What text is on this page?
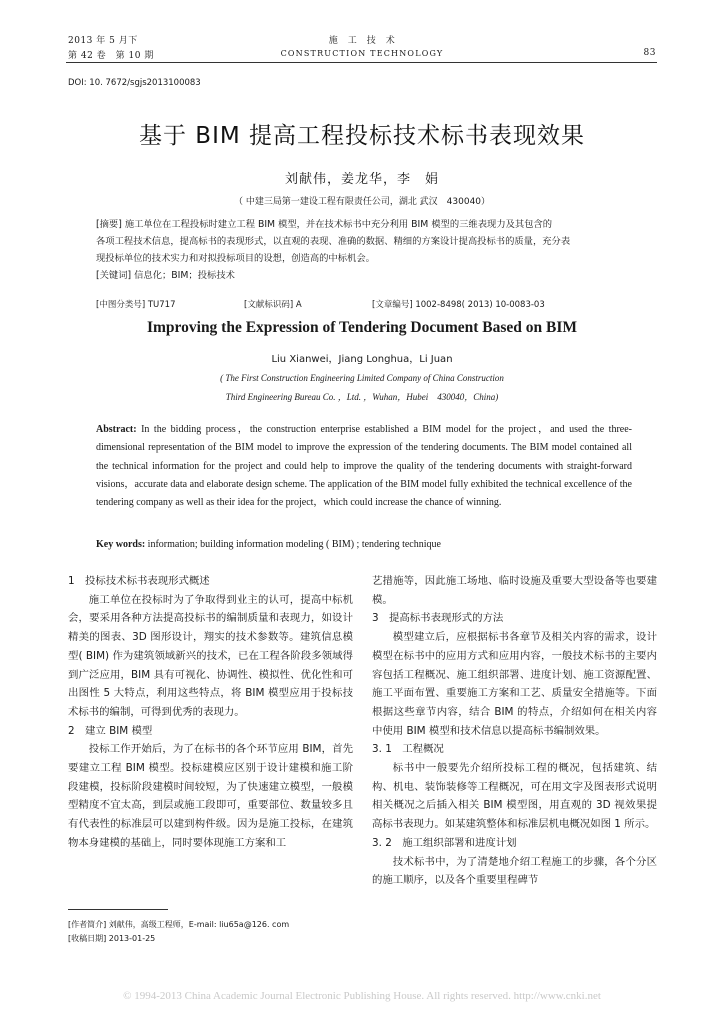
2013 年 5 月下
第 42 卷　第 10 期
施　工　技　术
CONSTRUCTION TECHNOLOGY	83
DOI: 10. 7672/sgjs2013100083
基于 BIM 提高工程投标技术标书表现效果
刘献伟，姜龙华，李　娟
（ 中建三局第一建设工程有限责任公司，湖北 武汉　430040）
[摘要] 施工单位在工程投标时建立工程 BIM 模型，并在技术标书中充分利用 BIM 模型的三维表现力及其包含的
各项工程技术信息，提高标书的表现形式，以直观的表现、准确的数据、精细的方案设计提高投标书的质量，充分表
现投标单位的技术实力和对拟投标项目的设想，创造高的中标机会。
[关键词] 信息化；BIM；投标技术
[中图分类号] TU717	[文献标识码] A	[文章编号] 1002-8498( 2013) 10-0083-03
Improving the Expression of Tendering Document Based on BIM
Liu Xianwei，Jiang Longhua，Li Juan
( The First Construction Engineering Limited Company of China Construction
Third Engineering Bureau Co. ，Ltd. ，Wuhan，Hubei　430040，China)
Abstract: In the bidding process，the construction enterprise established a BIM model for the project，and used the three-dimensional representation of the BIM model to improve the expression of the tendering documents. The BIM model contained all the technical information for the project and could help to improve the quality of the tendering documents with straight-forward visions，accurate data and elaborate design scheme. The application of the BIM model fully exhibited the technical excellence of the tendering company as well as their idea for the project，which could increase the chance of winning.
Key words: information; building information modeling ( BIM) ; tendering technique

1　投标技术标书表现形式概述

施工单位在投标时为了争取得到业主的认可，提高中标机会，要采用各种方法提高投标书的编制质量和表现力，如设计精美的图表、3D 图形设计，翔实的技术参数等。建筑信息模型( BIM) 作为建筑领域新兴的技术，已在工程各阶段多领域得到广泛应用，BIM 具有可视化、协调性、模拟性、优化性和可出图性 5 大特点，利用这些特点，将 BIM 模型应用于投标技术标书的编制，可得到优秀的表现力。

2　建立 BIM 模型

投标工作开始后，为了在标书的各个环节应用 BIM，首先要建立工程 BIM 模型。投标建模应区别于设计建模和施工阶段建模，投标阶段建模时间较短，为了快速建立模型，一般模型精度不宜太高，到层或施工段即可，重要部位、数量较多且有代表性的标准层可以建到构件级。因为是施工投标，在建筑物本身建模的基础上，同时要体现施工方案和工

艺措施等，因此施工场地、临时设施及重要大型设备等也要建模。

3　提高标书表现形式的方法

模型建立后，应根据标书各章节及相关内容的需求，设计模型在标书中的应用方式和应用内容，一般技术标书的主要内容包括工程概况、施工组织部署、进度计划、施工资源配置、施工平面布置、重要施工方案和工艺、质量安全措施等。下面根据这些章节内容，结合 BIM 的特点，介绍如何在相关内容中使用 BIM 模型和技术信息以提高标书编制效果。

3. 1　工程概况

标书中一般要先介绍所投标工程的概况，包括建筑、结构、机电、装饰装修等工程概况，可在用文字及图表形式说明相关概况之后插入相关 BIM 模型图，用直观的 3D 视效果提高标书表现力。如某建筑整体和标准层机电概况如图 1 所示。

3. 2　施工组织部署和进度计划

技术标书中，为了清楚地介绍工程施工的步骤，各个分区的施工顺序，以及各个重要里程碑节

[作者简介] 刘献伟，高级工程师，E-mail: liu65a@126. com
[收稿日期] 2013-01-25
© 1994-2013 China Academic Journal Electronic Publishing House. All rights reserved. http://www.cnki.net
